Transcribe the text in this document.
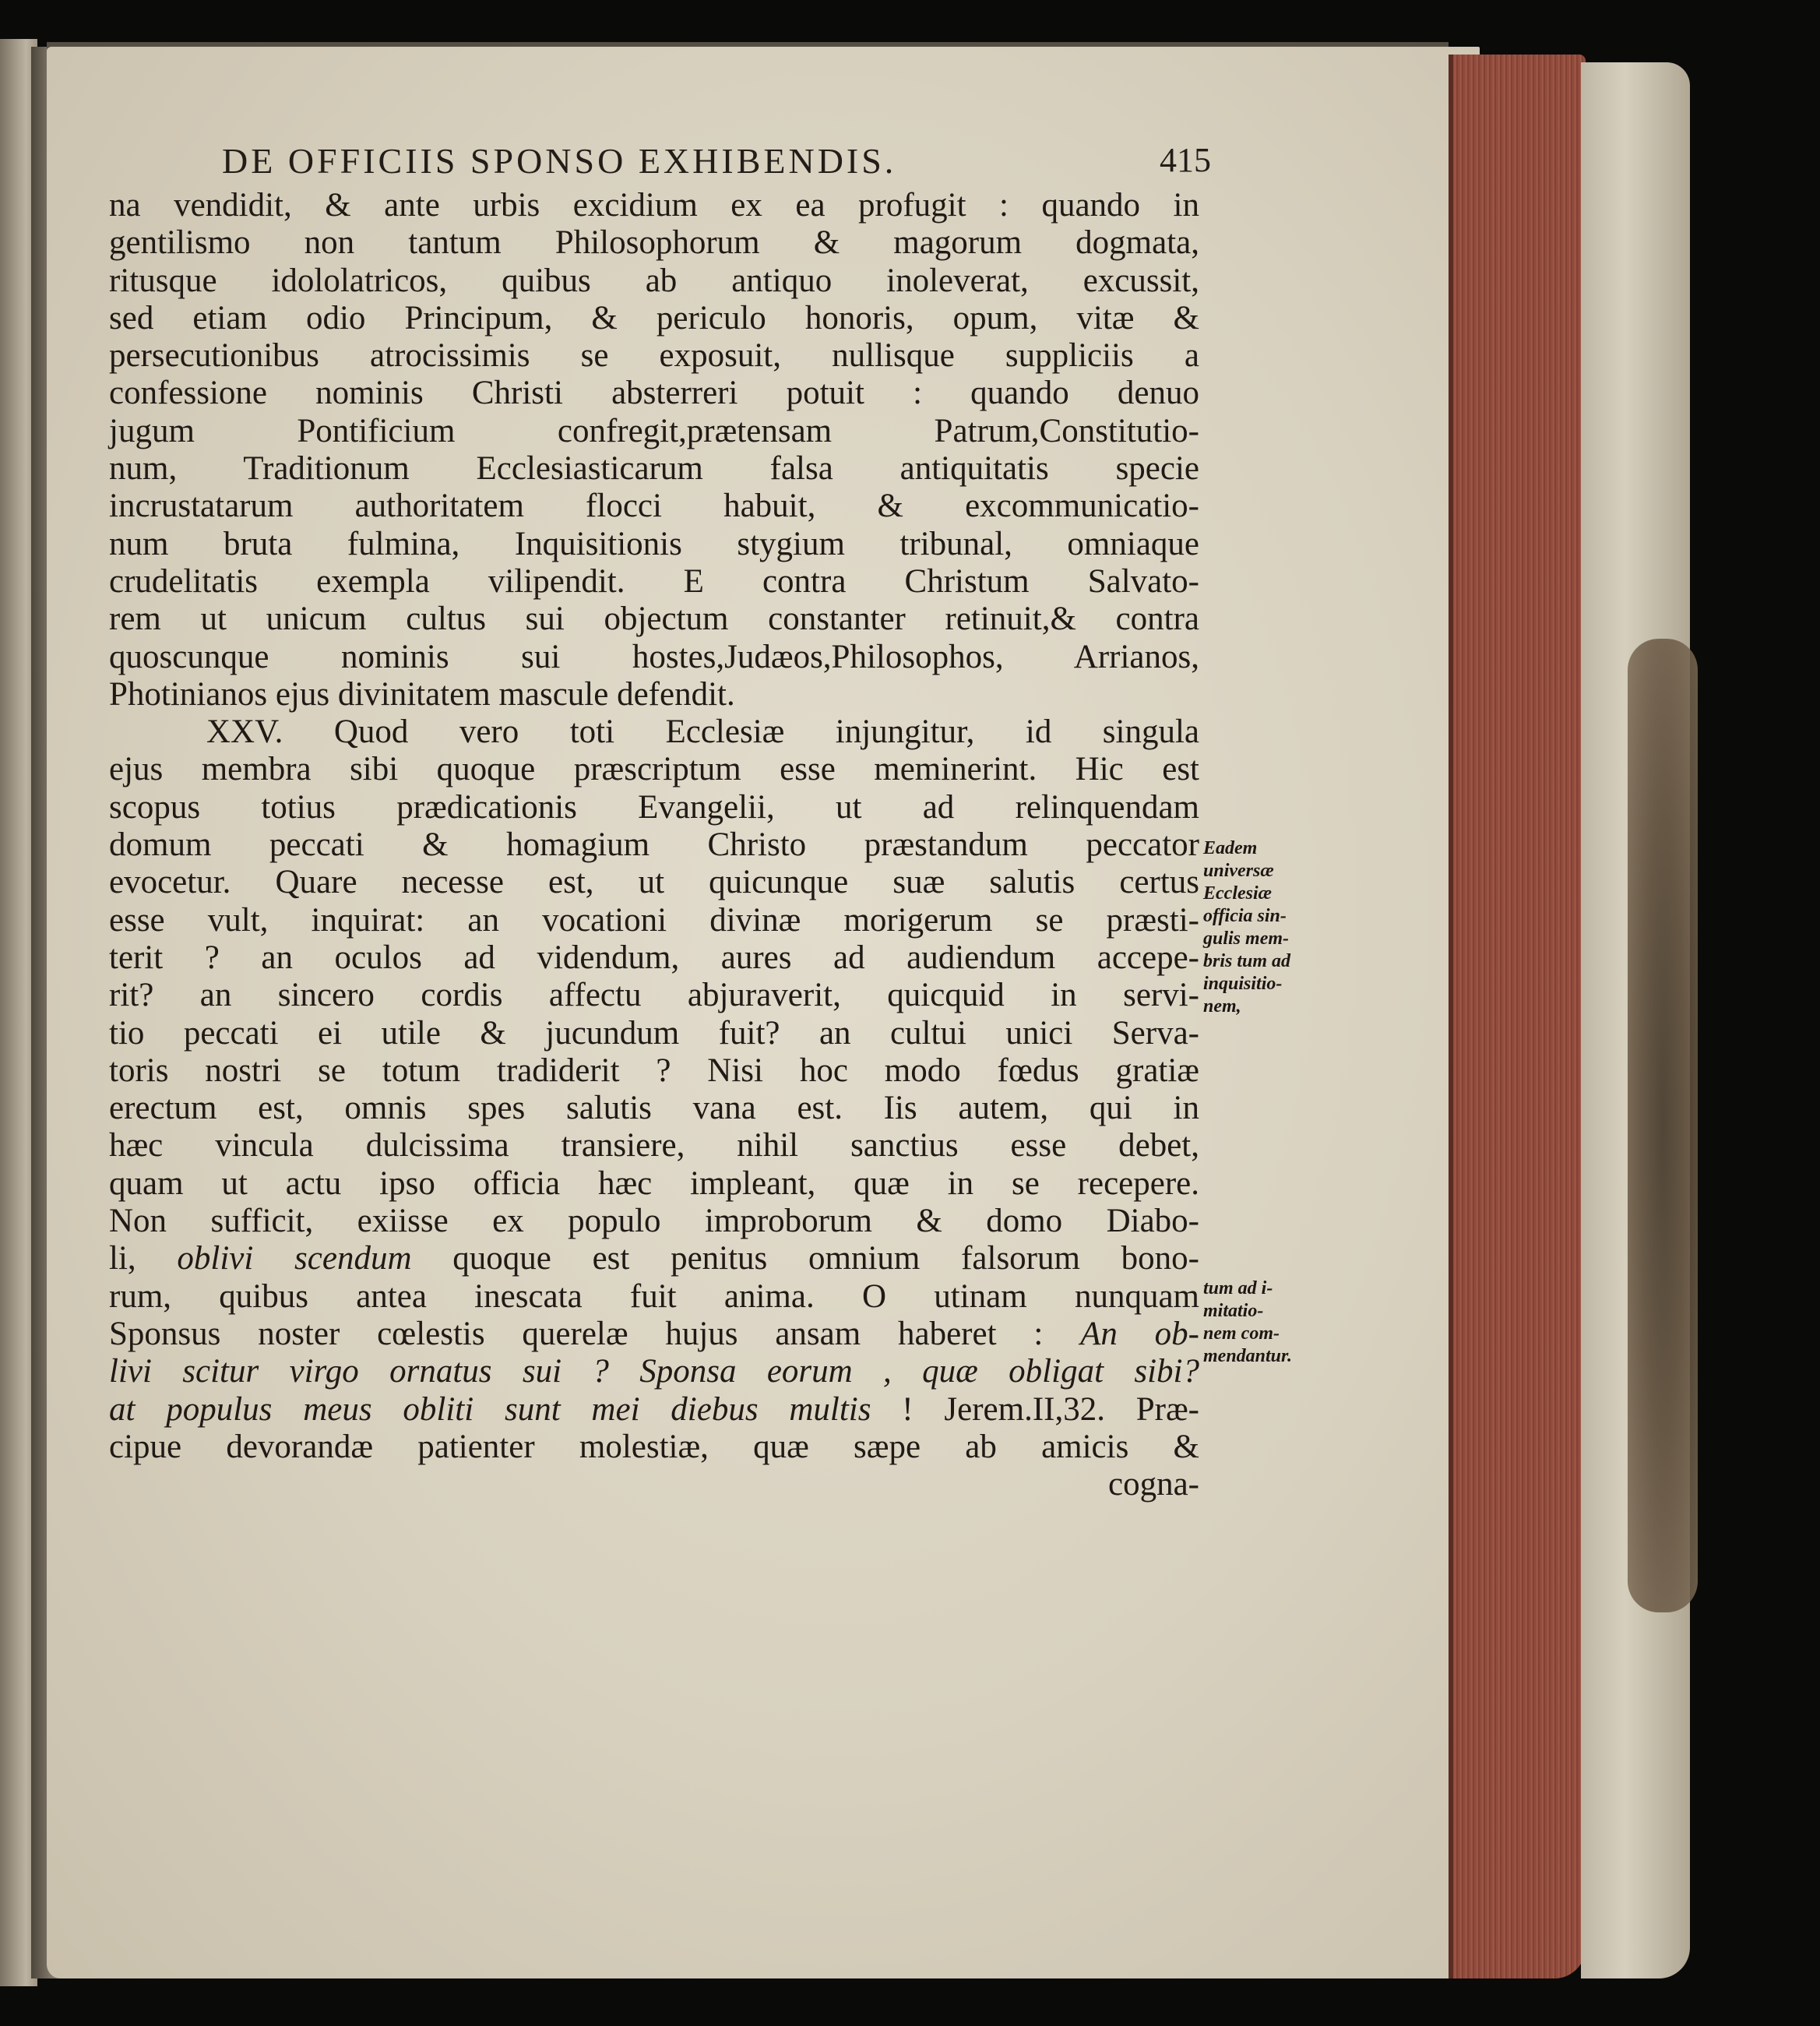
DE OFFICIIS SPONSO EXHIBENDIS.	415
na vendidit, & ante urbis excidium ex ea profugit : quando in
gentilismo non tantum Philosophorum & magorum dogmata,
ritusque idololatricos, quibus ab antiquo inoleverat, excussit,
sed etiam odio Principum, & periculo honoris, opum, vitæ &
persecutionibus atrocissimis se exposuit, nullisque suppliciis a
confessione nominis Christi absterreri potuit : quando denuo
jugum Pontificium confregit,prætensam Patrum,Constitutio-
num, Traditionum Ecclesiasticarum falsa antiquitatis specie
incrustatarum authoritatem flocci habuit, & excommunicatio-
num bruta fulmina, Inquisitionis stygium tribunal, omniaque
crudelitatis exempla vilipendit. E contra Christum Salvato-
rem ut unicum cultus sui objectum constanter retinuit,& contra
quoscunque nominis sui hostes,Judæos,Philosophos, Arrianos,
Photinianos ejus divinitatem mascule defendit.
XXV. Quod vero toti Ecclesiæ injungitur, id singula
ejus membra sibi quoque præscriptum esse meminerint. Hic est
scopus totius prædicationis Evangelii, ut ad relinquendam
domum peccati & homagium Christo præstandum peccator
evocetur. Quare necesse est, ut quicunque suæ salutis certus
esse vult, inquirat: an vocationi divinæ morigerum se præsti-
terit ? an oculos ad videndum, aures ad audiendum accepe-
rit? an sincero cordis affectu abjuraverit, quicquid in servi-
tio peccati ei utile & jucundum fuit? an cultui unici Serva-
toris nostri se totum tradiderit ? Nisi hoc modo fœdus gratiæ
erectum est, omnis spes salutis vana est. Iis autem, qui in
hæc vincula dulcissima transiere, nihil sanctius esse debet,
quam ut actu ipso officia hæc impleant, quæ in se recepere.
Non sufficit, exiisse ex populo improborum & domo Diabo-
li, oblivi scendum quoque est penitus omnium falsorum bono-
rum, quibus antea inescata fuit anima. O utinam nunquam
Sponsus noster cœlestis querelæ hujus ansam haberet : An ob-
livi scitur virgo ornatus sui ? Sponsa eorum , quæ obligat sibi?
at populus meus obliti sunt mei diebus multis ! Jerem.II,32. Præ-
cipue devorandæ patienter molestiæ, quæ sæpe ab amicis &
cogna-
Eadem
universæ
Ecclesiæ
officia sin-
gulis mem-
bris tum ad
inquisitio-
nem,
tum ad i-
mitatio-
nem com-
mendantur.
